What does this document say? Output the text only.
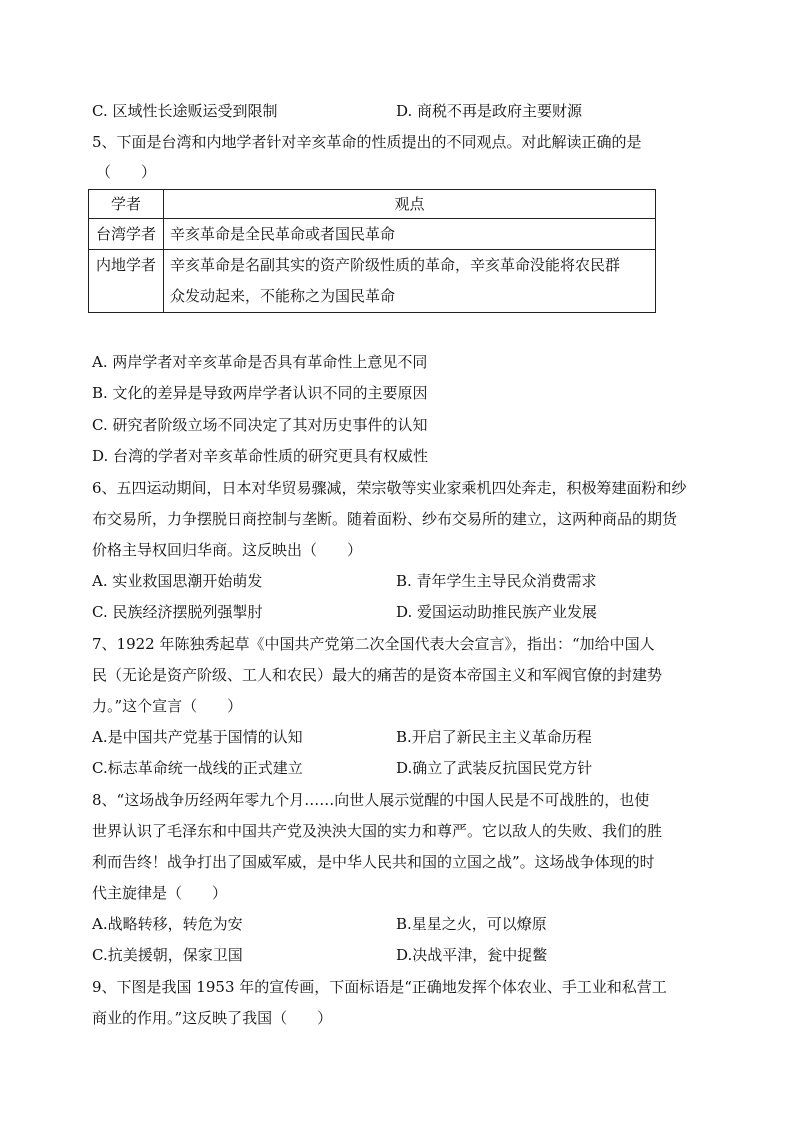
C. 区域性长途贩运受到限制	D. 商税不再是政府主要财源
5、下面是台湾和内地学者针对辛亥革命的性质提出的不同观点。对此解读正确的是
（　　）
学者	观点
台湾学者	辛亥革命是全民革命或者国民革命
内地学者	辛亥革命是名副其实的资产阶级性质的革命，辛亥革命没能将农民群
众发动起来，不能称之为国民革命
A. 两岸学者对辛亥革命是否具有革命性上意见不同
B. 文化的差异是导致两岸学者认识不同的主要原因
C. 研究者阶级立场不同决定了其对历史事件的认知
D. 台湾的学者对辛亥革命性质的研究更具有权威性
6、五四运动期间，日本对华贸易骤减，荣宗敬等实业家乘机四处奔走，积极筹建面粉和纱
布交易所，力争摆脱日商控制与垄断。随着面粉、纱布交易所的建立，这两种商品的期货
价格主导权回归华商。这反映出（　　）
A. 实业救国思潮开始萌发	B. 青年学生主导民众消费需求
C. 民族经济摆脱列强掣肘	D. 爱国运动助推民族产业发展
7、1922 年陈独秀起草《中国共产党第二次全国代表大会宣言》，指出：“加给中国人
民（无论是资产阶级、工人和农民）最大的痛苦的是资本帝国主义和军阀官僚的封建势
力。”这个宣言（　　）
A.是中国共产党基于国情的认知	B.开启了新民主主义革命历程
C.标志革命统一战线的正式建立	D.确立了武装反抗国民党方针
8、“这场战争历经两年零九个月……向世人展示觉醒的中国人民是不可战胜的，也使
世界认识了毛泽东和中国共产党及泱泱大国的实力和尊严。它以敌人的失败、我们的胜
利而告终！战争打出了国威军威，是中华人民共和国的立国之战”。这场战争体现的时
代主旋律是（　　）
A.战略转移，转危为安	B.星星之火，可以燎原
C.抗美援朝，保家卫国	D.决战平津，瓮中捉鳖
9、下图是我国 1953 年的宣传画，下面标语是“正确地发挥个体农业、手工业和私营工
商业的作用。”这反映了我国（　　）
